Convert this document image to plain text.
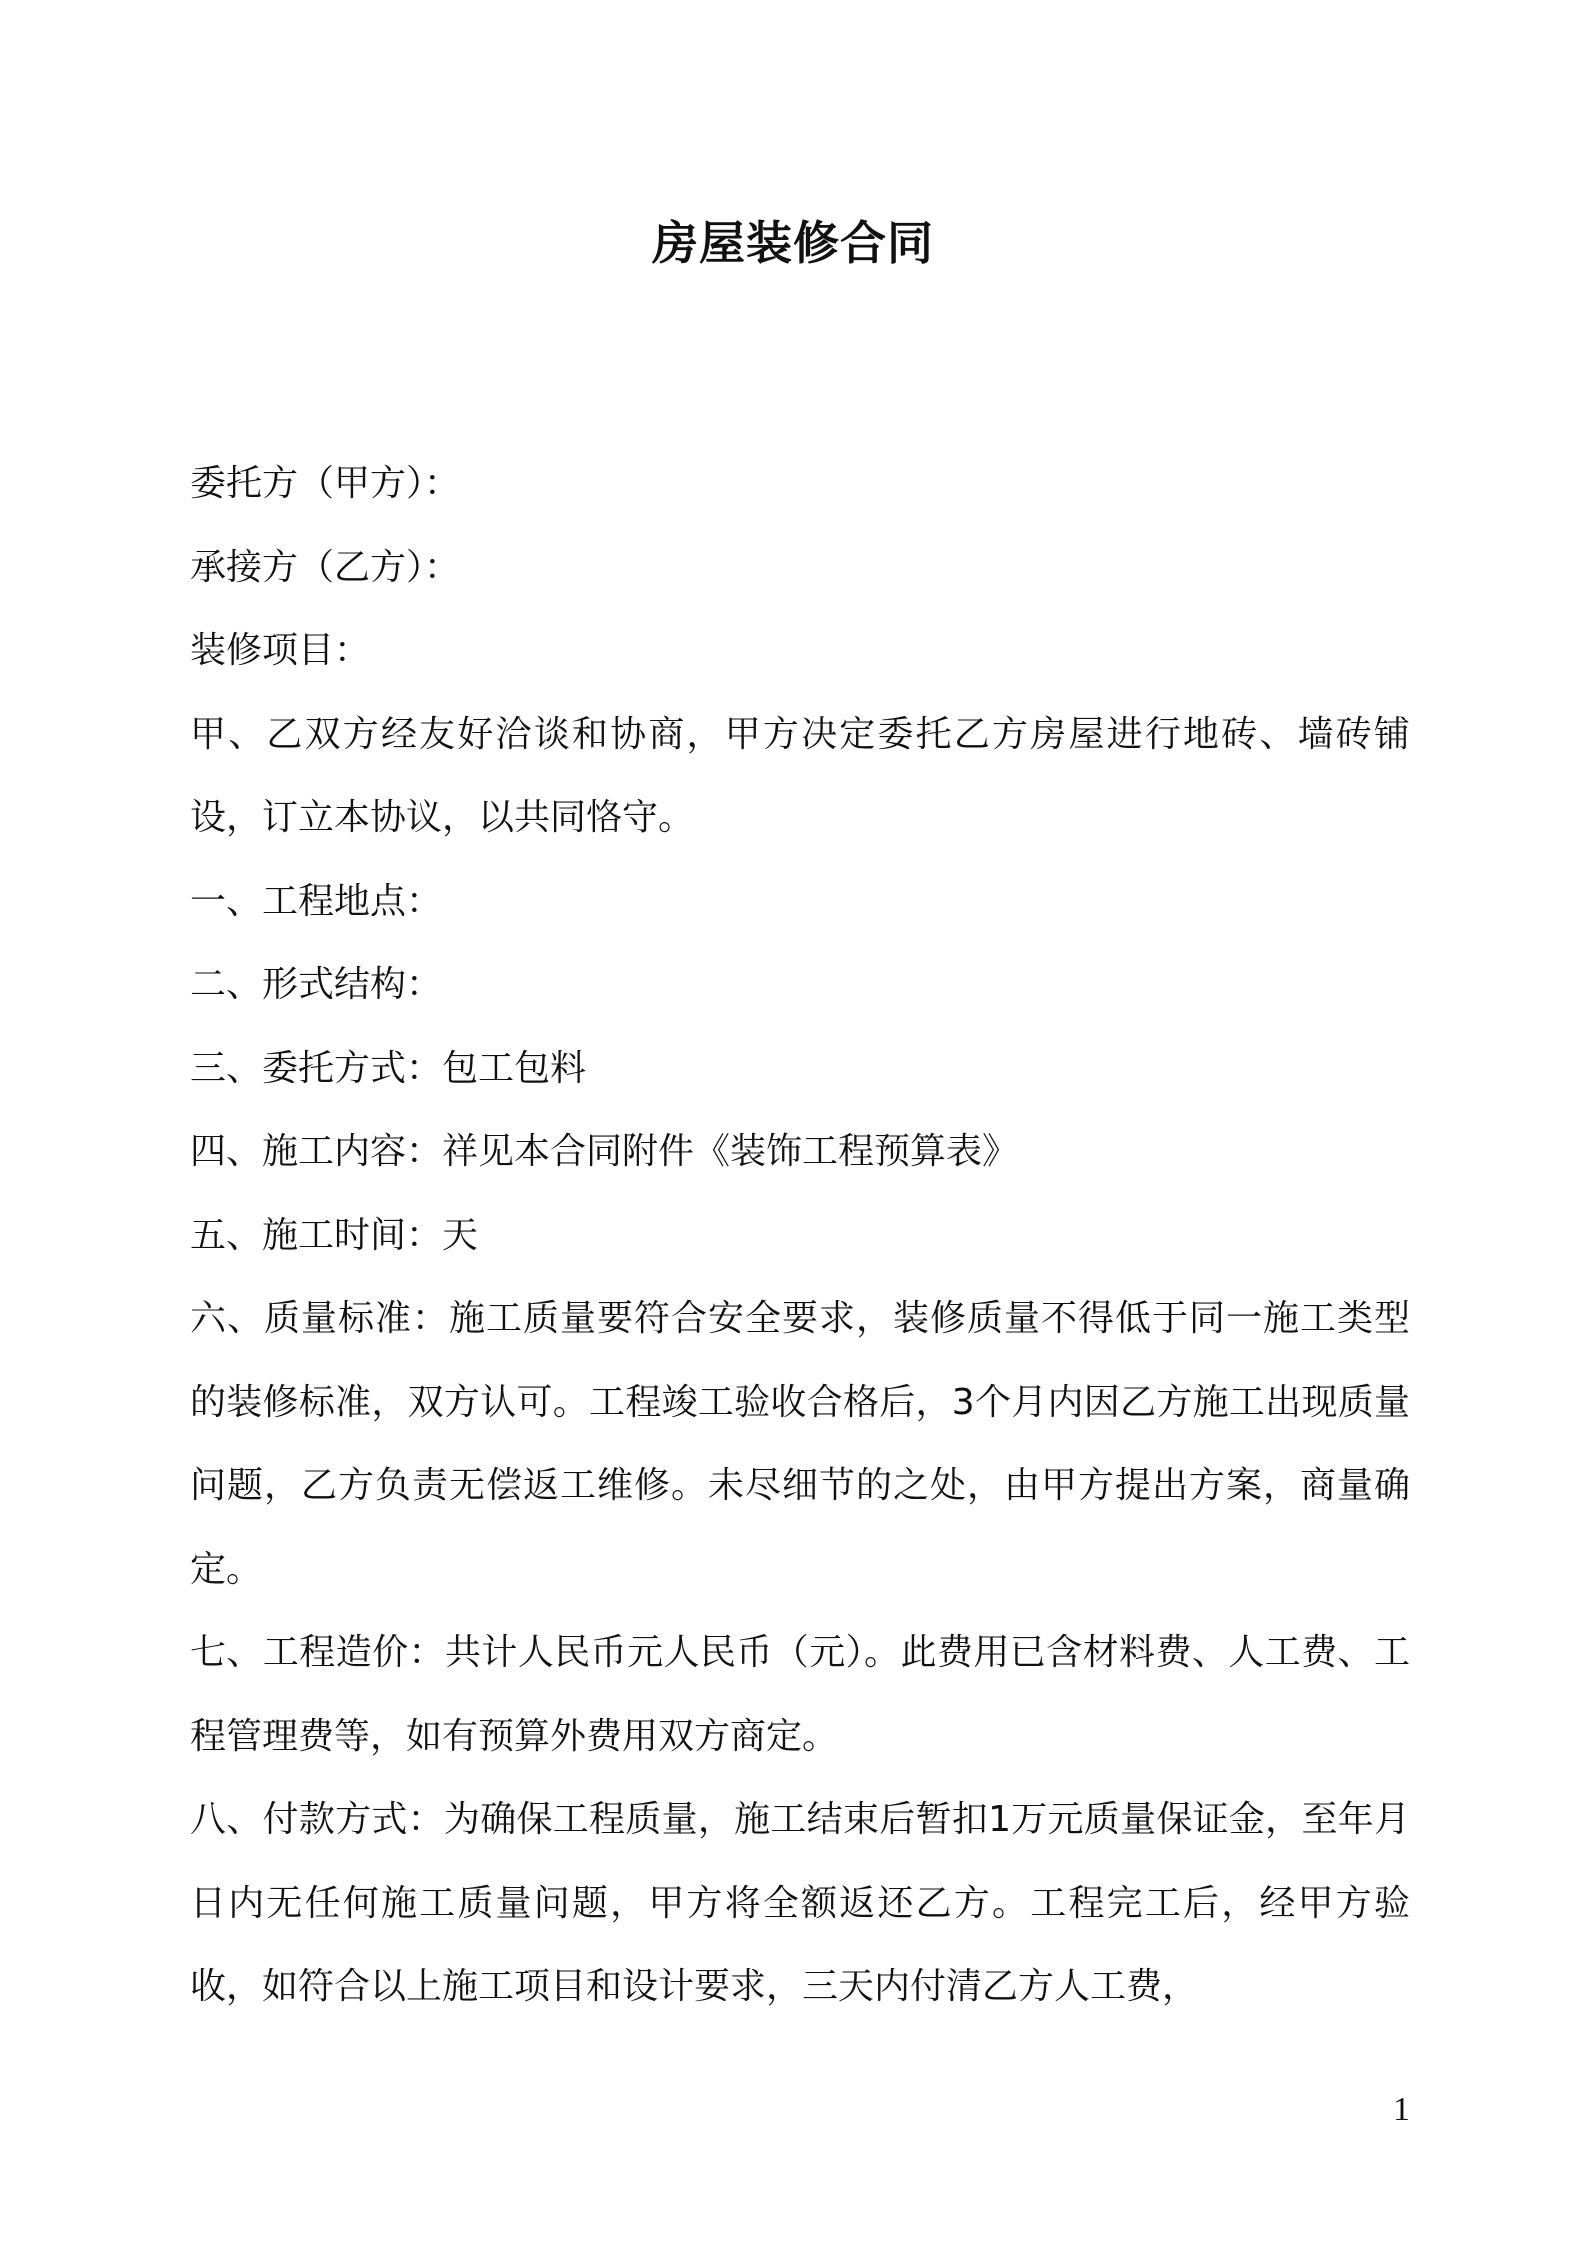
房屋装修合同

委托方（甲方）：

承接方（乙方）：

装修项目：

甲、乙双方经友好洽谈和协商，甲方决定委托乙方房屋进行地砖、墙砖铺设，订立本协议，以共同恪守。

一、工程地点：

二、形式结构：

三、委托方式：包工包料

四、施工内容：祥见本合同附件《装饰工程预算表》

五、施工时间：天

六、质量标准：施工质量要符合安全要求，装修质量不得低于同一施工类型的装修标准，双方认可。工程竣工验收合格后，3个月内因乙方施工出现质量问题，乙方负责无偿返工维修。未尽细节的之处，由甲方提出方案，商量确定。

七、工程造价：共计人民币元人民币（元）。此费用已含材料费、人工费、工程管理费等，如有预算外费用双方商定。

八、付款方式：为确保工程质量，施工结束后暂扣1万元质量保证金，至年月日内无任何施工质量问题，甲方将全额返还乙方。工程完工后，经甲方验收，如符合以上施工项目和设计要求，三天内付清乙方人工费，

1
